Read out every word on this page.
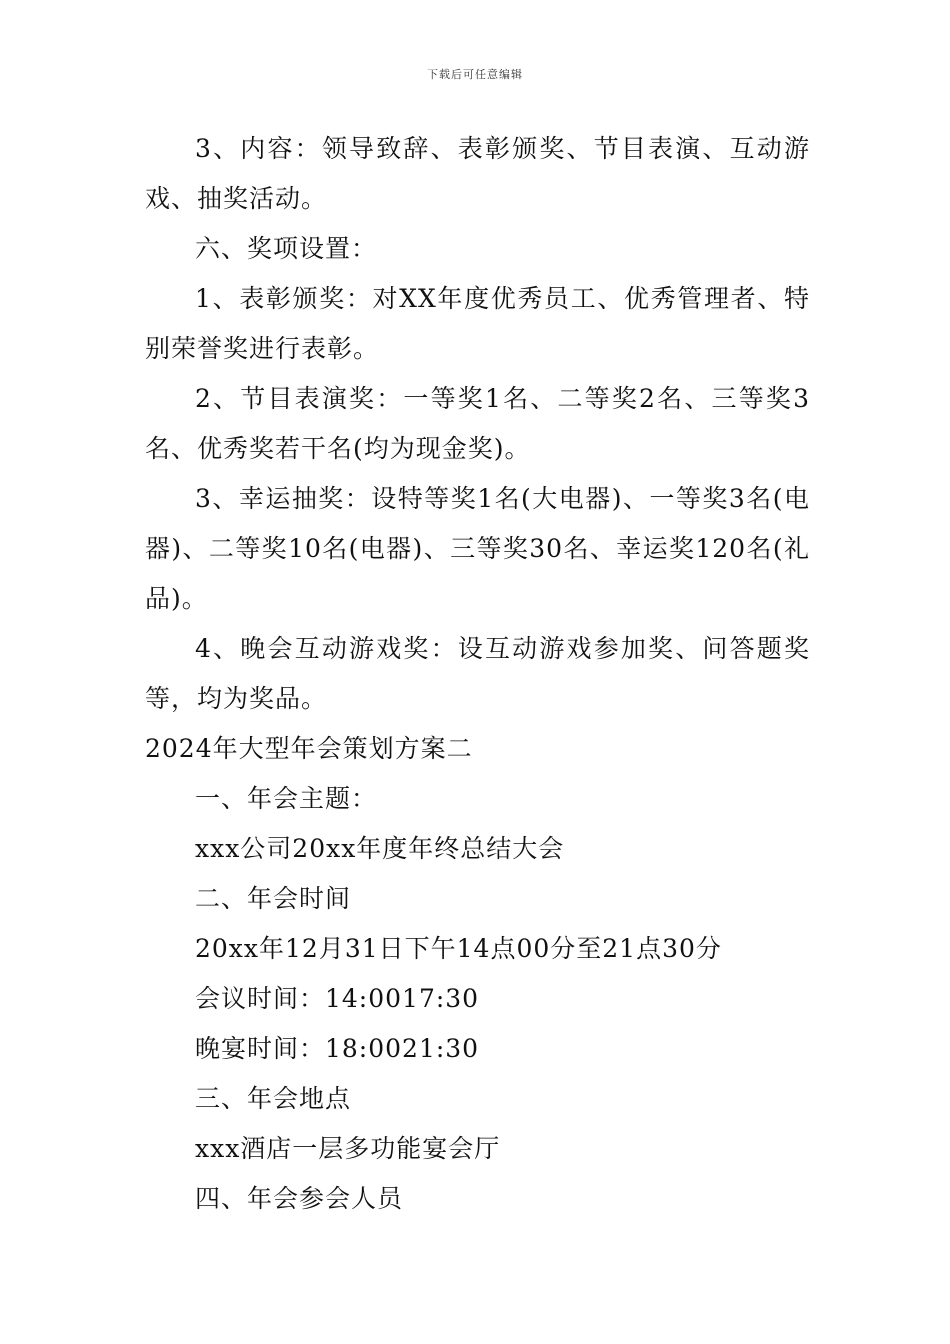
下载后可任意编辑

3、内容：领导致辞、表彰颁奖、节目表演、互动游戏、抽奖活动。

六、奖项设置：

1、表彰颁奖：对XX年度优秀员工、优秀管理者、特别荣誉奖进行表彰。

2、节目表演奖：一等奖1名、二等奖2名、三等奖3名、优秀奖若干名(均为现金奖)。

3、幸运抽奖：设特等奖1名(大电器)、一等奖3名(电器)、二等奖10名(电器)、三等奖30名、幸运奖120名(礼品)。

4、晚会互动游戏奖：设互动游戏参加奖、问答题奖等，均为奖品。

2024年大型年会策划方案二

一、年会主题：

xxx公司20xx年度年终总结大会

二、年会时间

20xx年12月31日下午14点00分至21点30分

会议时间：14:0017:30

晚宴时间：18:0021:30

三、年会地点

xxx酒店一层多功能宴会厅

四、年会参会人员
